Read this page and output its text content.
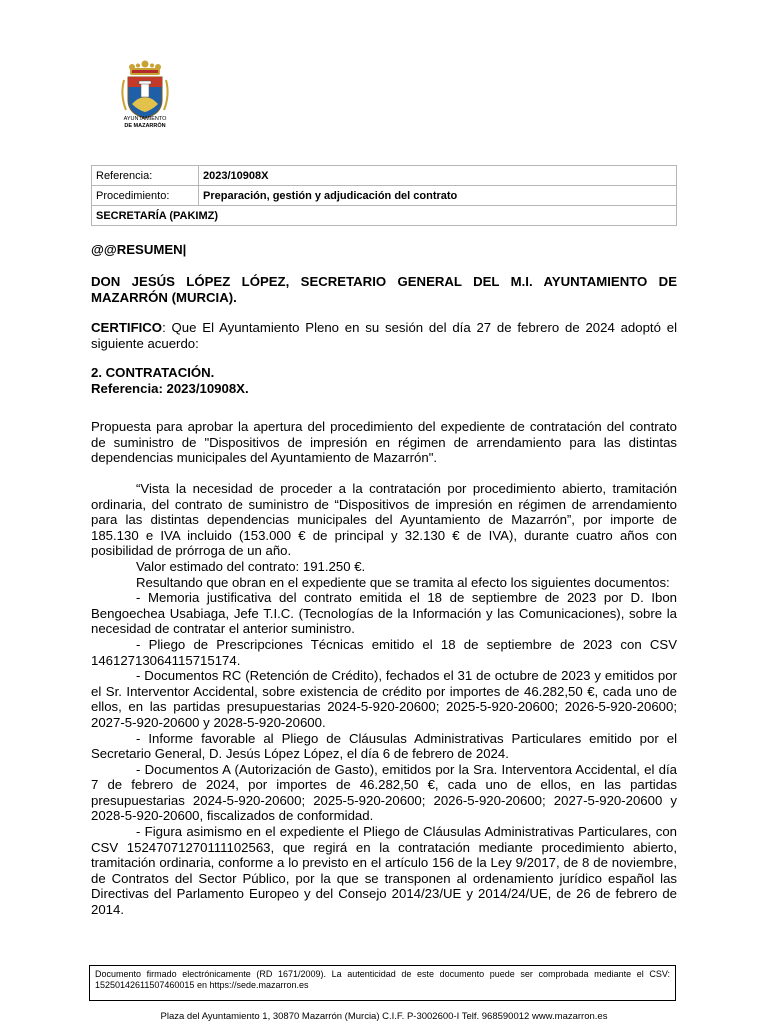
AYUNTAMIENTO
DE MAZARRÓN
Referencia:	2023/10908X
Procedimiento:	Preparación, gestión y adjudicación del contrato
SECRETARÍA (PAKIMZ)	
@@RESUMEN|
DON JESÚS LÓPEZ LÓPEZ, SECRETARIO GENERAL DEL M.I. AYUNTAMIENTO DE MAZARRÓN (MURCIA).
CERTIFICO: Que El Ayuntamiento Pleno en su sesión del día 27 de febrero de 2024 adoptó el siguiente acuerdo:
2. CONTRATACIÓN.
Referencia: 2023/10908X.
Propuesta para aprobar la apertura del procedimiento del expediente de contratación del contrato de suministro de "Dispositivos de impresión en régimen de arrendamiento para las distintas dependencias municipales del Ayuntamiento de Mazarrón".

“Vista la necesidad de proceder a la contratación por procedimiento abierto, tramitación ordinaria, del contrato de suministro de “Dispositivos de impresión en régimen de arrendamiento para las distintas dependencias municipales del Ayuntamiento de Mazarrón”, por importe de 185.130 e IVA incluido (153.000 € de principal y 32.130 € de IVA), durante cuatro años con posibilidad de prórroga de un año.

Valor estimado del contrato: 191.250 €.

Resultando que obran en el expediente que se tramita al efecto los siguientes documentos:

- Memoria justificativa del contrato emitida el 18 de septiembre de 2023 por D. Ibon Bengoechea Usabiaga, Jefe T.I.C. (Tecnologías de la Información y las Comunicaciones), sobre la necesidad de contratar el anterior suministro.

- Pliego de Prescripciones Técnicas emitido el 18 de septiembre de 2023 con CSV 14612713064115715174.

- Documentos RC (Retención de Crédito), fechados el 31 de octubre de 2023 y emitidos por el Sr. Interventor Accidental, sobre existencia de crédito por importes de 46.282,50 €, cada uno de ellos, en las partidas presupuestarias 2024-5-920-20600; 2025-5-920-20600; 2026-5-920-20600; 2027-5-920-20600 y 2028-5-920-20600.

- Informe favorable al Pliego de Cláusulas Administrativas Particulares emitido por el Secretario General, D. Jesús López López, el día 6 de febrero de 2024.

- Documentos A (Autorización de Gasto), emitidos por la Sra. Interventora Accidental, el día 7 de febrero de 2024, por importes de 46.282,50 €, cada uno de ellos, en las partidas presupuestarias 2024-5-920-20600; 2025-5-920-20600; 2026-5-920-20600; 2027-5-920-20600 y 2028-5-920-20600, fiscalizados de conformidad.

- Figura asimismo en el expediente el Pliego de Cláusulas Administrativas Particulares, con CSV 15247071270111102563, que regirá en la contratación mediante procedimiento abierto, tramitación ordinaria, conforme a lo previsto en el artículo 156 de la Ley 9/2017, de 8 de noviembre, de Contratos del Sector Público, por la que se transponen al ordenamiento jurídico español las Directivas del Parlamento Europeo y del Consejo 2014/23/UE y 2014/24/UE, de 26 de febrero de 2014.

Documento firmado electrónicamente (RD 1671/2009). La autenticidad de este documento puede ser comprobada mediante el CSV: 15250142611507460015 en https://sede.mazarron.es
Plaza del Ayuntamiento 1, 30870 Mazarrón (Murcia) C.I.F. P-3002600-I Telf. 968590012 www.mazarron.es
